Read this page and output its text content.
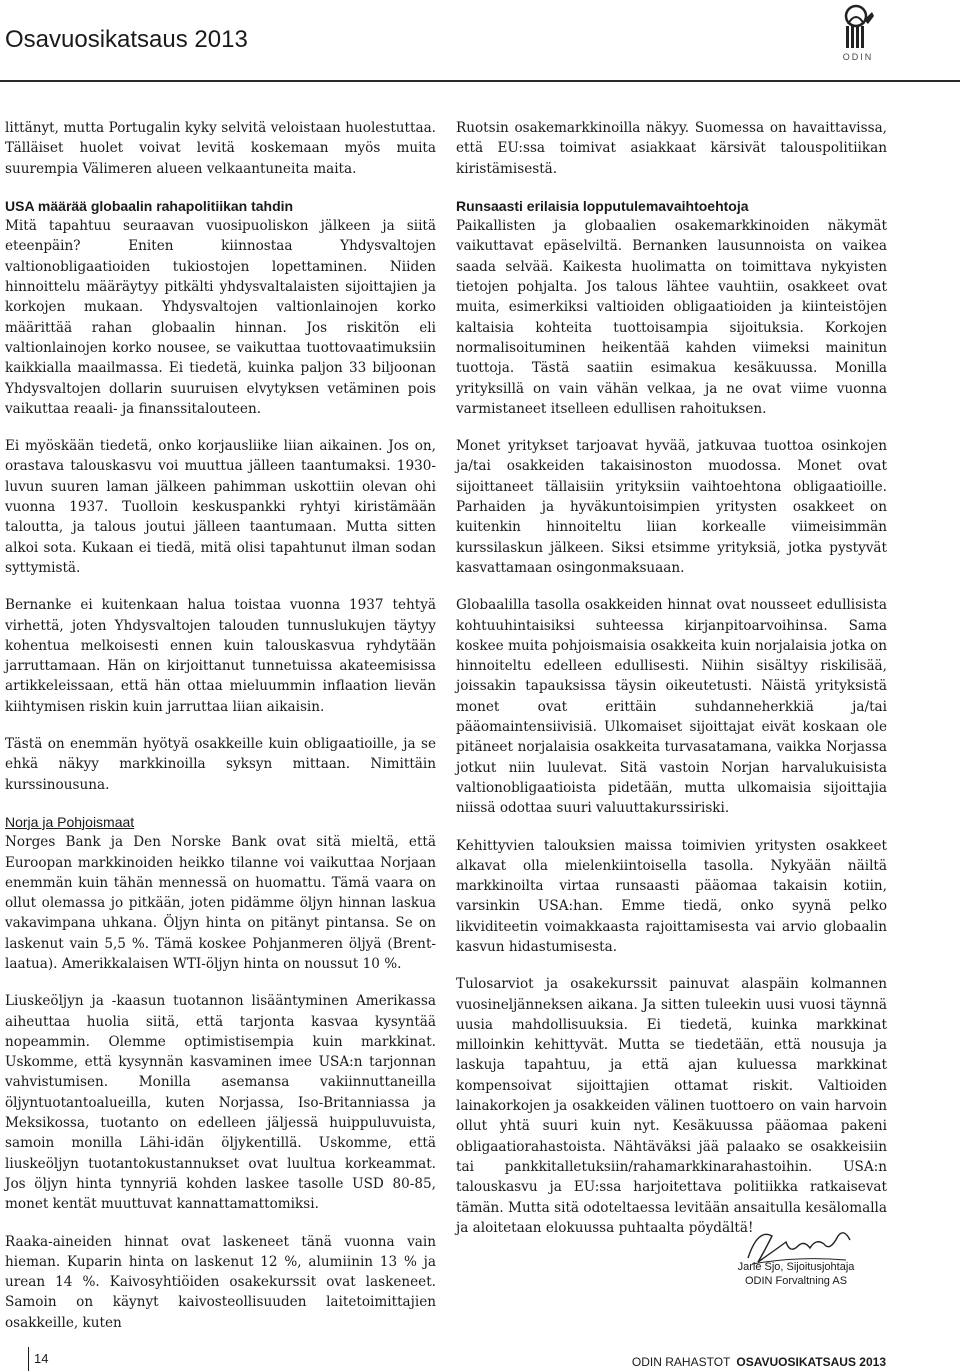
Osavuosikatsaus 2013
ODIN

littänyt, mutta Portugalin kyky selvitä veloistaan huolestuttaa. Tälläiset huolet voivat levitä koskemaan myös muita suurempia Välimeren alueen velkaantuneita maita.

USA määrää globaalin rahapolitiikan tahdin

Mitä tapahtuu seuraavan vuosipuoliskon jälkeen ja siitä eteenpäin? Eniten kiinnostaa Yhdysvaltojen valtionobligaatioiden tukiostojen lopettaminen. Niiden hinnoittelu määräytyy pitkälti yhdysvaltalaisten sijoittajien ja korkojen mukaan. Yhdysvaltojen valtionlainojen korko määrittää rahan globaalin hinnan. Jos riskitön eli valtionlainojen korko nousee, se vaikuttaa tuottovaatimuksiin kaikkialla maailmassa. Ei tiedetä, kuinka paljon 33 biljoonan Yhdysvaltojen dollarin suuruisen elvytyksen vetäminen pois vaikuttaa reaali- ja finanssitalouteen.

Ei myöskään tiedetä, onko korjausliike liian aikainen. Jos on, orastava talouskasvu voi muuttua jälleen taantumaksi. 1930-luvun suuren laman jälkeen pahimman uskottiin olevan ohi vuonna 1937. Tuolloin keskuspankki ryhtyi kiristämään taloutta, ja talous joutui jälleen taantumaan. Mutta sitten alkoi sota. Kukaan ei tiedä, mitä olisi tapahtunut ilman sodan syttymistä.

Bernanke ei kuitenkaan halua toistaa vuonna 1937 tehtyä virhettä, joten Yhdysvaltojen talouden tunnuslukujen täytyy kohentua melkoisesti ennen kuin talouskasvua ryhdytään jarruttamaan. Hän on kirjoittanut tunnetuissa akateemisissa artikkeleissaan, että hän ottaa mieluummin inflaation lievän kiihtymisen riskin kuin jarruttaa liian aikaisin.

Tästä on enemmän hyötyä osakkeille kuin obligaatioille, ja se ehkä näkyy markkinoilla syksyn mittaan. Nimittäin kurssinousuna.

Norja ja Pohjoismaat

Norges Bank ja Den Norske Bank ovat sitä mieltä, että Euroopan markkinoiden heikko tilanne voi vaikuttaa Norjaan enemmän kuin tähän mennessä on huomattu. Tämä vaara on ollut olemassa jo pitkään, joten pidämme öljyn hinnan laskua vakavimpana uhkana. Öljyn hinta on pitänyt pintansa. Se on laskenut vain 5,5 %. Tämä koskee Pohjanmeren öljyä (Brent-laatua). Amerikkalaisen WTI-öljyn hinta on noussut 10 %.

Liuskeöljyn ja -kaasun tuotannon lisääntyminen Amerikassa aiheuttaa huolia siitä, että tarjonta kasvaa kysyntää nopeammin. Olemme optimistisempia kuin markkinat. Uskomme, että kysynnän kasvaminen imee USA:n tarjonnan vahvistumisen. Monilla asemansa vakiinnuttaneilla öljyntuotantoalueilla, kuten Norjassa, Iso-Britanniassa ja Meksikossa, tuotanto on edelleen jäljessä huippuluvuista, samoin monilla Lähi-idän öljykentillä. Uskomme, että liuskeöljyn tuotantokustannukset ovat luultua korkeammat. Jos öljyn hinta tynnyriä kohden laskee tasolle USD 80-85, monet kentät muuttuvat kannattamattomiksi.

Raaka-aineiden hinnat ovat laskeneet tänä vuonna vain hieman. Kuparin hinta on laskenut 12 %, alumiinin 13 % ja urean 14 %. Kaivosyhtiöiden osakekurssit ovat laskeneet. Samoin on käynyt kaivosteollisuuden laitetoimittajien osakkeille, kuten

Ruotsin osakemarkkinoilla näkyy. Suomessa on havaittavissa, että EU:ssa toimivat asiakkaat kärsivät talouspolitiikan kiristämisestä.

Runsaasti erilaisia lopputulemavaihtoehtoja

Paikallisten ja globaalien osakemarkkinoiden näkymät vaikuttavat epäselviltä. Bernanken lausunnoista on vaikea saada selvää. Kaikesta huolimatta on toimittava nykyisten tietojen pohjalta. Jos talous lähtee vauhtiin, osakkeet ovat muita, esimerkiksi valtioiden obligaatioiden ja kiinteistöjen kaltaisia kohteita tuottoisampia sijoituksia. Korkojen normalisoituminen heikentää kahden viimeksi mainitun tuottoja. Tästä saatiin esimakua kesäkuussa. Monilla yrityksillä on vain vähän velkaa, ja ne ovat viime vuonna varmistaneet itselleen edullisen rahoituksen.

Monet yritykset tarjoavat hyvää, jatkuvaa tuottoa osinkojen ja/tai osakkeiden takaisinoston muodossa. Monet ovat sijoittaneet tällaisiin yrityksiin vaihtoehtona obligaatioille. Parhaiden ja hyväkuntoisimpien yritysten osakkeet on kuitenkin hinnoiteltu liian korkealle viimeisimmän kurssilaskun jälkeen. Siksi etsimme yrityksiä, jotka pystyvät kasvattamaan osingonmaksuaan.

Globaalilla tasolla osakkeiden hinnat ovat nousseet edullisista kohtuuhintaisiksi suhteessa kirjanpitoarvoihinsa. Sama koskee muita pohjoismaisia osakkeita kuin norjalaisia jotka on hinnoiteltu edelleen edullisesti. Niihin sisältyy riskilisää, joissakin tapauksissa täysin oikeutetusti. Näistä yrityksistä monet ovat erittäin suhdanneherkkiä ja/tai pääomaintensiivisiä. Ulkomaiset sijoittajat eivät koskaan ole pitäneet norjalaisia osakkeita turvasatamana, vaikka Norjassa jotkut niin luulevat. Sitä vastoin Norjan harvalukuisista valtionobligaatioista pidetään, mutta ulkomaisia sijoittajia niissä odottaa suuri valuuttakurssiriski.

Kehittyvien talouksien maissa toimivien yritysten osakkeet alkavat olla mielenkiintoisella tasolla. Nykyään näiltä markkinoilta virtaa runsaasti pääomaa takaisin kotiin, varsinkin USA:han. Emme tiedä, onko syynä pelko likviditeetin voimakkaasta rajoittamisesta vai arvio globaalin kasvun hidastumisesta.

Tulosarviot ja osakekurssit painuvat alaspäin kolmannen vuosineljänneksen aikana. Ja sitten tuleekin uusi vuosi täynnä uusia mahdollisuuksia. Ei tiedetä, kuinka markkinat milloinkin kehittyvät. Mutta se tiedetään, että nousuja ja laskuja tapahtuu, ja että ajan kuluessa markkinat kompensoivat sijoittajien ottamat riskit. Valtioiden lainakorkojen ja osakkeiden välinen tuottoero on vain harvoin ollut yhtä suuri kuin nyt. Kesäkuussa pääomaa pakeni obligaatiorahastoista. Nähtäväksi jää palaako se osakkeisiin tai pankkitalletuksiin/rahamarkkinarahastoihin. USA:n talouskasvu ja EU:ssa harjoitettava politiikka ratkaisevat tämän. Mutta sitä odoteltaessa levitään ansaitulla kesälomalla ja aloitetaan elokuussa puhtaalta pöydältä!

Jarle Sjo, Sijoitusjohtaja
ODIN Forvaltning AS
14	ODIN RAHASTOT OSAVUOSIKATSAUS 2013
